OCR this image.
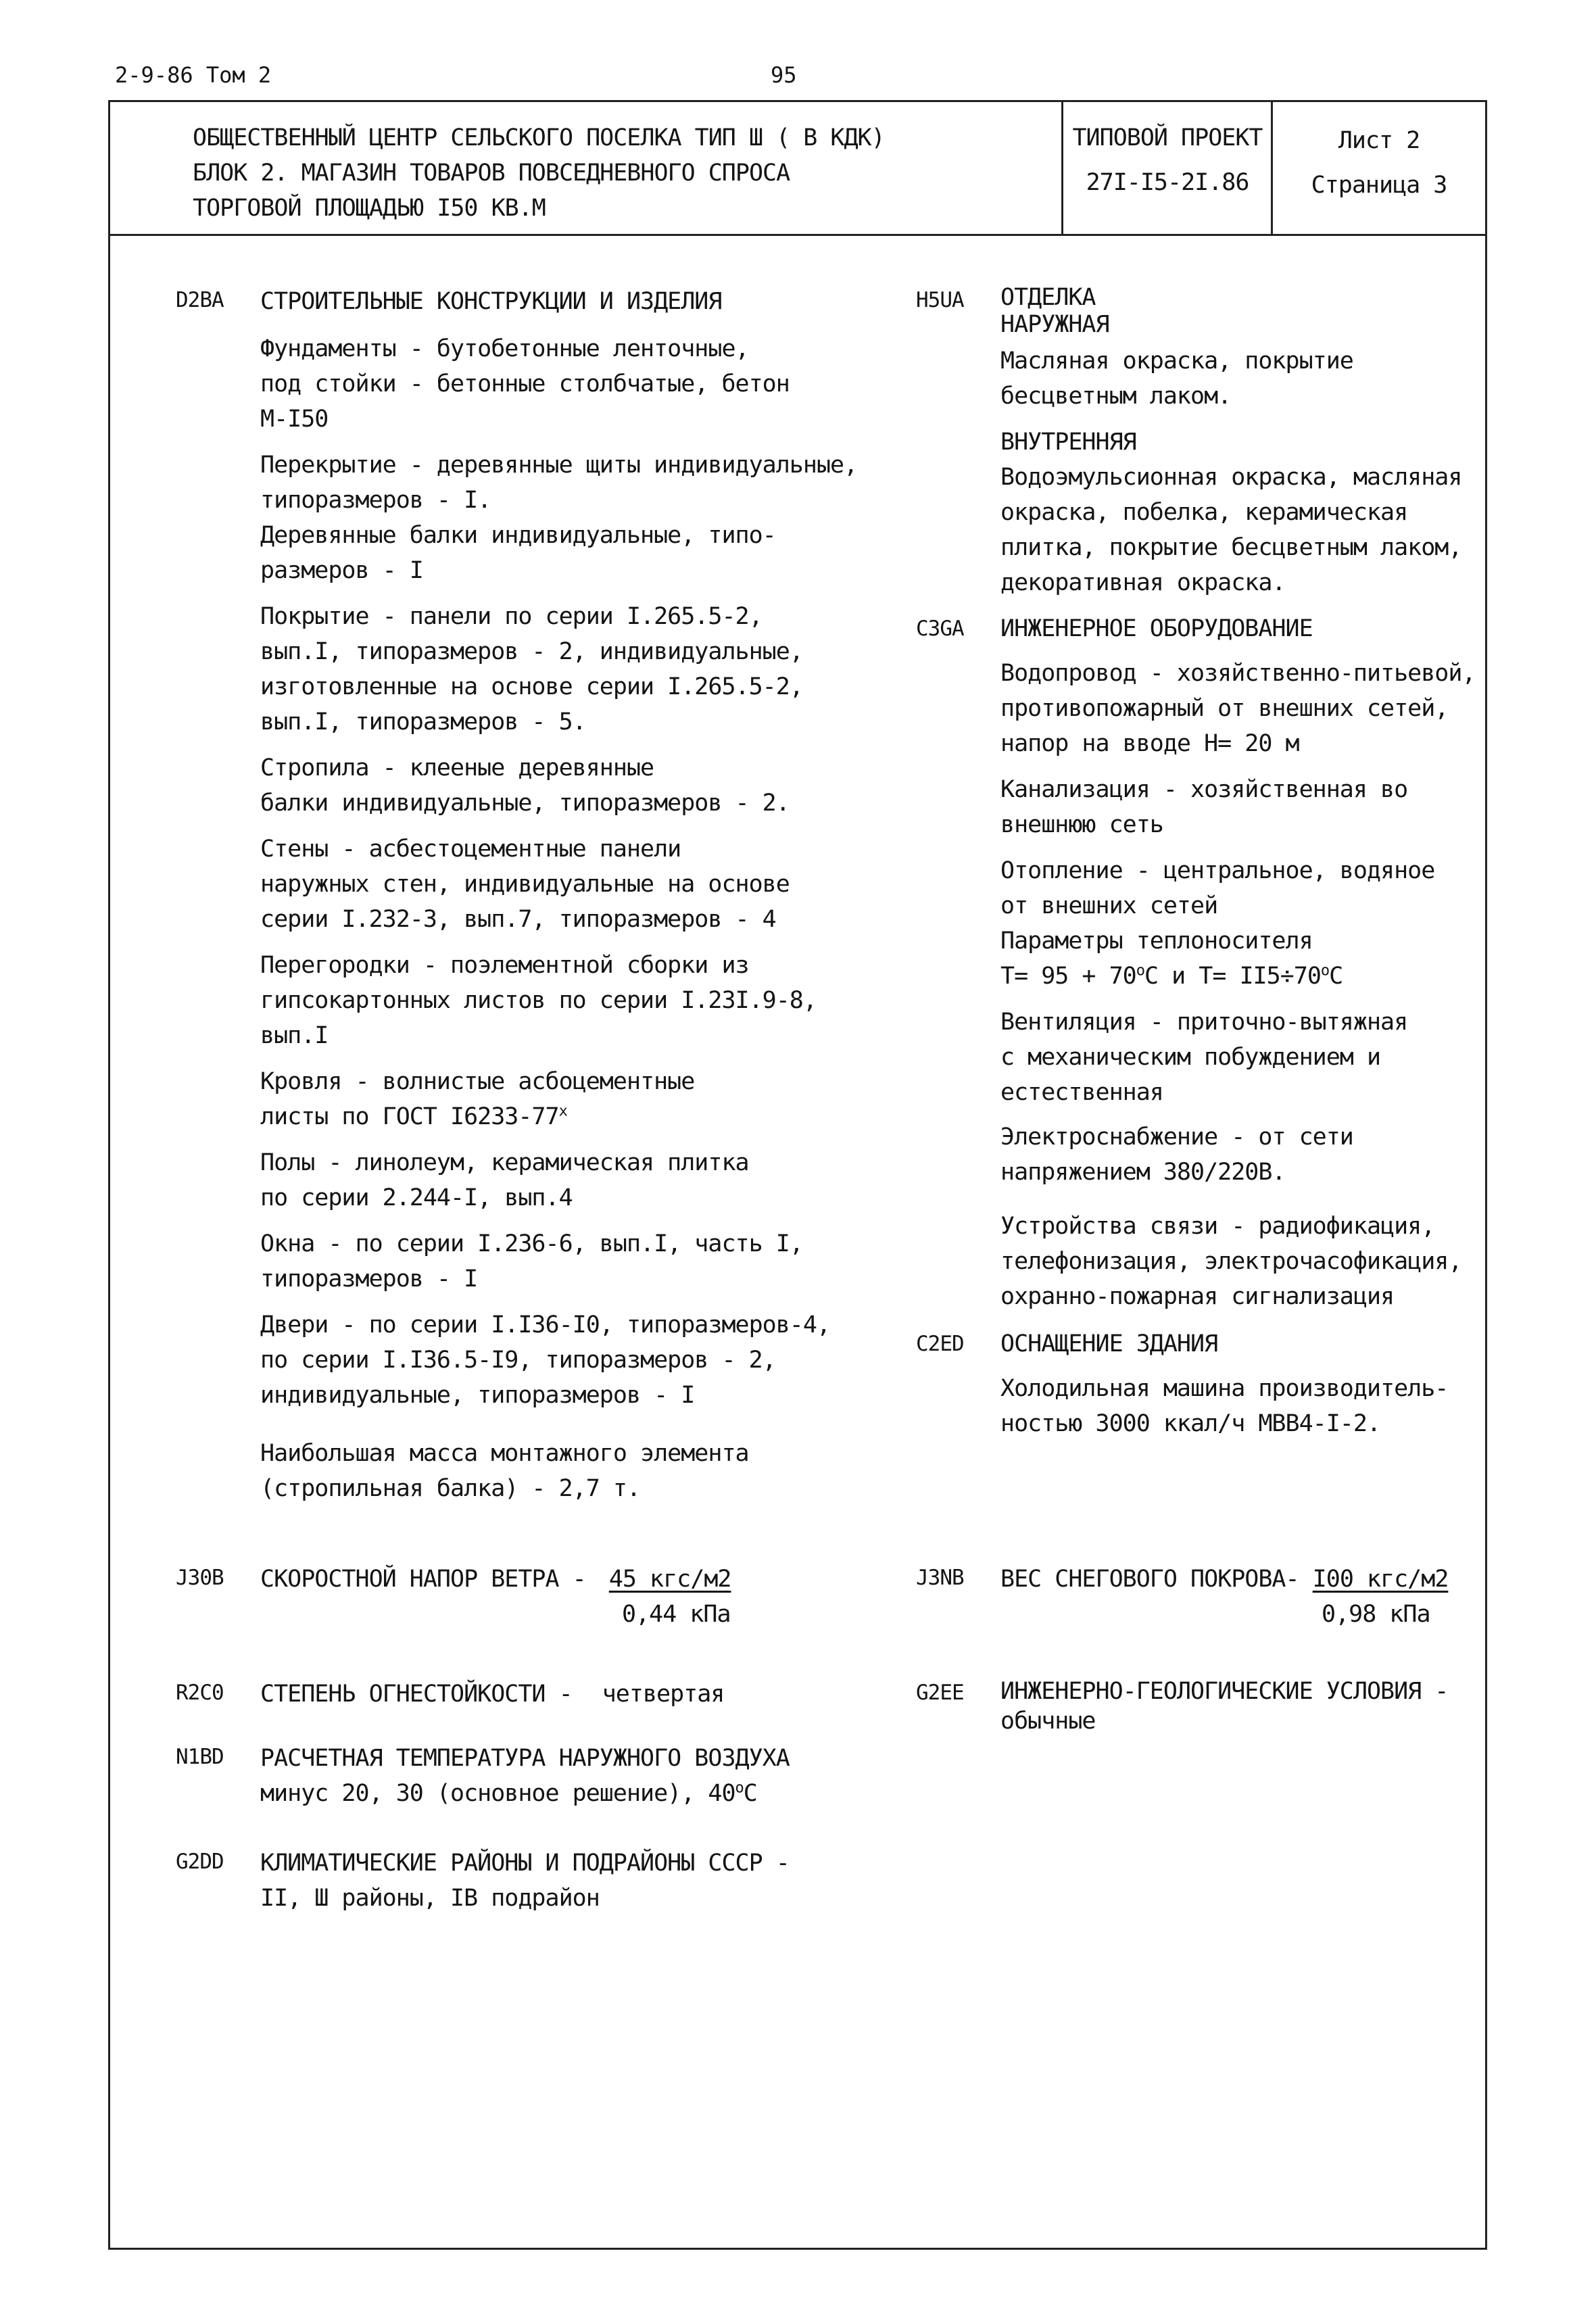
2-9-86 Том 2	95
ОБЩЕСТВЕННЫЙ ЦЕНТР СЕЛЬСКОГО ПОСЕЛКА ТИП Ш ( В КДК)
БЛОК 2. МАГАЗИН ТОВАРОВ ПОВСЕДНЕВНОГО СПРОСА
ТОРГОВОЙ ПЛОЩАДЬЮ I50 КВ.М
ТИПОВОЙ ПРОЕКТ
27I-I5-2I.86
Лист 2
Страница 3
D2BA СТРОИТЕЛЬНЫЕ КОНСТРУКЦИИ И ИЗДЕЛИЯ
Фундаменты - бутобетонные ленточные,
под стойки - бетонные столбчатые, бетон
М-I50
Перекрытие - деревянные щиты индивидуальные,
типоразмеров - I.
Деревянные балки индивидуальные, типо-
размеров - I
Покрытие - панели по серии I.265.5-2,
вып.I, типоразмеров - 2, индивидуальные,
изготовленные на основе серии I.265.5-2,
вып.I, типоразмеров - 5.
Стропила - клееные деревянные
балки индивидуальные, типоразмеров - 2.
Стены - асбестоцементные панели
наружных стен, индивидуальные на основе
серии I.232-3, вып.7, типоразмеров - 4
Перегородки - поэлементной сборки из
гипсокартонных листов по серии I.23I.9-8,
вып.I
Кровля - волнистые асбоцементные
листы по ГОСТ $I6233-77^х$
Полы - линолеум, керамическая плитка
по серии 2.244-I, вып.4
Окна - по серии I.236-6, вып.I, часть I,
типоразмеров - I
Двери - по серии I.I36-I0, типоразмеров-4,
по серии I.I36.5-I9, типоразмеров - 2,
индивидуальные, типоразмеров - I
Наибольшая масса монтажного элемента
(стропильная балка) - 2,7 т.
H5UA ОТДЕЛКА
НАРУЖНАЯ
Масляная окраска, покрытие
бесцветным лаком.
ВНУТРЕННЯЯ
Водоэмульсионная окраска, масляная
окраска, побелка, керамическая
плитка, покрытие бесцветным лаком,
декоративная окраска.
C3GA ИНЖЕНЕРНОЕ ОБОРУДОВАНИЕ
Водопровод - хозяйственно-питьевой,
противопожарный от внешних сетей,
напор на вводе Н= 20 м
Канализация - хозяйственная во
внешнюю сеть
Отопление - центральное, водяное
от внешних сетей
Параметры теплоносителя
$Т= 95 + 70^оС$ и $Т= II5\div 70^оС$
Вентиляция - приточно-вытяжная
с механическим побуждением и
естественная
Электроснабжение - от сети
напряжением 380/220В.
Устройства связи - радиофикация,
телефонизация, электрочасофикация,
охранно-пожарная сигнализация
C2ED ОСНАЩЕНИЕ ЗДАНИЯ
Холодильная машина производитель-
ностью 3000 ккал/ч МВВ4-I-2.
J30B	СКОРОСТНОЙ НАПОР ВЕТРА - 45 кгс/м2
0,44 кПа
J3NB	ВЕС СНЕГОВОГО ПОКРОВА- I00 кгс/м2
0,98 кПа
R2C0	СТЕПЕНЬ ОГНЕСТОЙКОСТИ - четвертая	G2EE ИНЖЕНЕРНО-ГЕОЛОГИЧЕСКИЕ УСЛОВИЯ -
обычные
N1BD РАСЧЕТНАЯ ТЕМПЕРАТУРА НАРУЖНОГО ВОЗДУХА
минус 20, 30 (основное решение), $40^оС$
G2DD КЛИМАТИЧЕСКИЕ РАЙОНЫ И ПОДРАЙОНЫ СССР -
II, Ш районы, IВ подрайон
